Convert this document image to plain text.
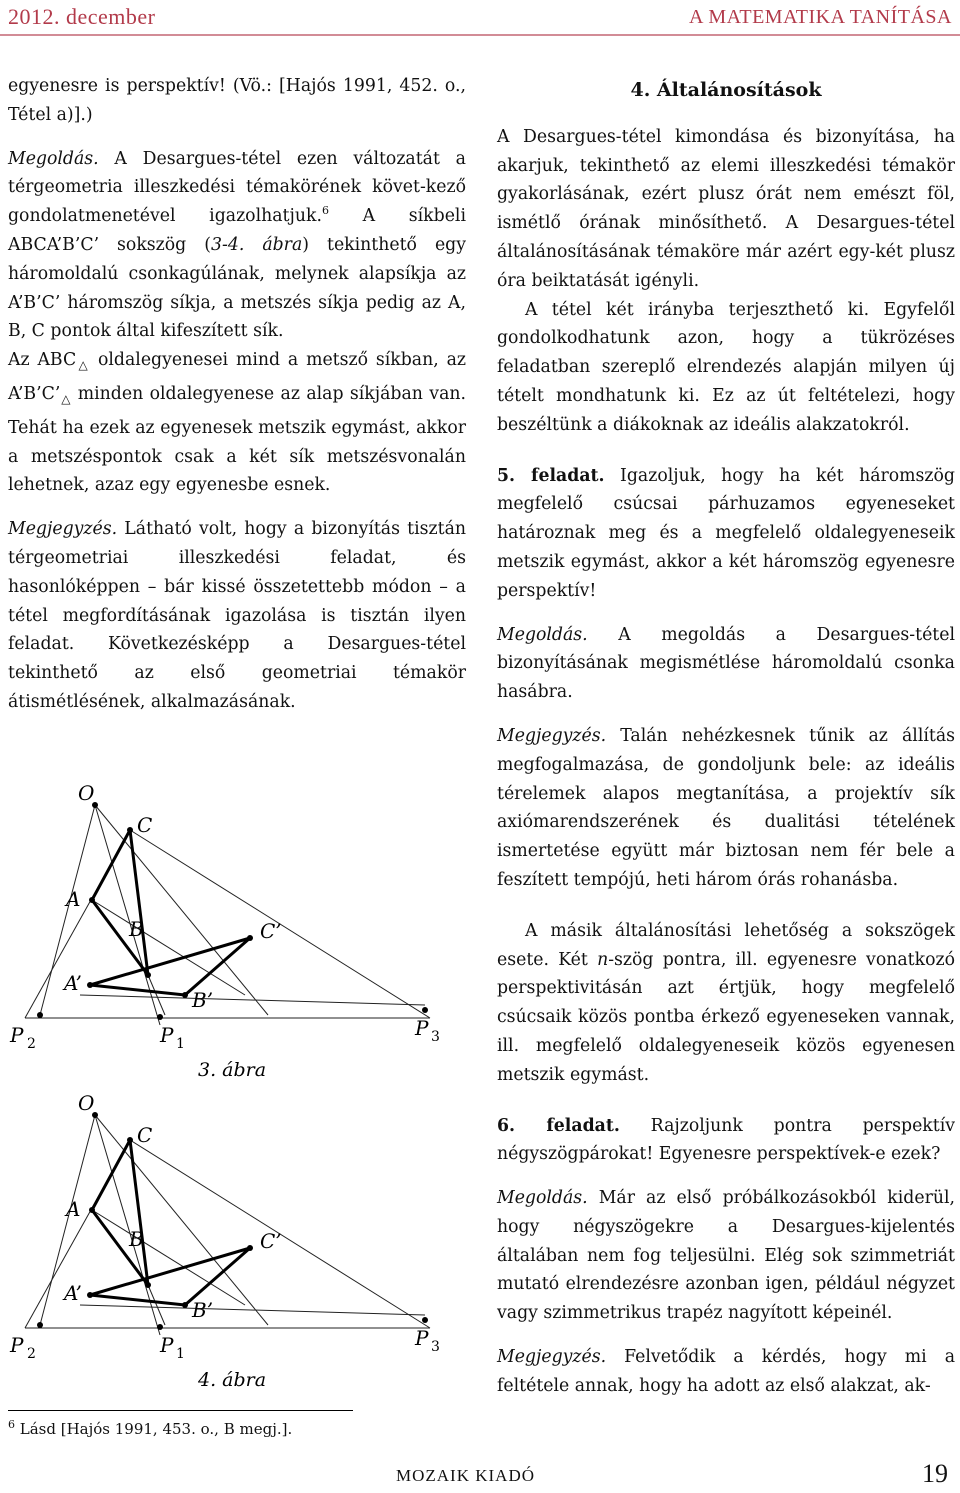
2012. december	A MATEMATIKA TANÍTÁSA

egyenesre is perspektív! (Vö.: [Hajós 1991, 452. o., Tétel a)].)

Megoldás. A Desargues-tétel ezen változatát a térgeometria illeszkedési témakörének követ-kező gondolatmenetével igazolhatjuk.$^6$ A síkbeli ABCA’B’C’ sokszög (3-4. ábra) tekinthető egy háromoldalú csonkagúlának, melynek alapsíkja az A’B’C’ háromszög síkja, a metszés síkja pedig az A, B, C pontok által kifeszített sík.

Az $ABC_\triangle$ oldalegyenesei mind a metsző síkban, az $A’B’C’_\triangle$ minden oldalegyenese az alap síkjában van. Tehát ha ezek az egyenesek metszik egymást, akkor a metszéspontok csak a két sík metszésvonalán lehetnek, azaz egy egyenesbe esnek.

Megjegyzés. Látható volt, hogy a bizonyítás tisztán térgeometriai illeszkedési feladat, és hasonlóképpen – bár kissé összetettebb módon – a tétel megfordításának igazolása is tisztán ilyen feladat. Következésképp a Desargues-tétel tekinthető az első geometriai témakör átismétlésének, alkalmazásának.

O
C
A
B	C’
A’
B’
P	P	P
2	1	3
3. ábra
O
C
A
B	C’
A’
B’
P	P	P
2	1	3
4. ábra
$^6$ Lásd [Hajós 1991, 453. o., B megj.].
4. Általánosítások

A Desargues-tétel kimondása és bizonyítása, ha akarjuk, tekinthető az elemi illeszkedési témakör gyakorlásának, ezért plusz órát nem emészt föl, ismétlő órának minősíthető. A Desargues-tétel általánosításának témaköre már azért egy-két plusz óra beiktatását igényli.

A tétel két irányba terjeszthető ki. Egyfelől gondolkodhatunk azon, hogy a tükrözéses feladatban szereplő elrendezés alapján milyen új tételt mondhatunk ki. Ez az út feltételezi, hogy beszéltünk a diákoknak az ideális alakzatokról.

5. feladat. Igazoljuk, hogy ha két háromszög megfelelő csúcsai párhuzamos egyeneseket határoznak meg és a megfelelő oldalegyeneseik metszik egymást, akkor a két háromszög egyenesre perspektív!

Megoldás. A megoldás a Desargues-tétel bizonyításának megismétlése háromoldalú csonka hasábra.

Megjegyzés. Talán nehézkesnek tűnik az állítás megfogalmazása, de gondoljunk bele: az ideális térelemek alapos megtanítása, a projektív sík axiómarendszerének és dualitási tételének ismertetése együtt már biztosan nem fér bele a feszített tempójú, heti három órás rohanásba.

A másik általánosítási lehetőség a sokszögek esete. Két n-szög pontra, ill. egyenesre vonatkozó perspektivitásán azt értjük, hogy megfelelő csúcsaik közös pontba érkező egyeneseken vannak, ill. megfelelő oldalegyeneseik közös egyenesen metszik egymást.

6. feladat. Rajzoljunk pontra perspektív négyszögpárokat! Egyenesre perspektívek-e ezek?

Megoldás. Már az első próbálkozásokból kiderül, hogy négyszögekre a Desargues-kijelentés általában nem fog teljesülni. Elég sok szimmetriát mutató elrendezésre azonban igen, például négyzet vagy szimmetrikus trapéz nagyított képeinél.

Megjegyzés. Felvetődik a kérdés, hogy mi a feltétele annak, hogy ha adott az első alakzat, ak-

MOZAIK KIADÓ	19
